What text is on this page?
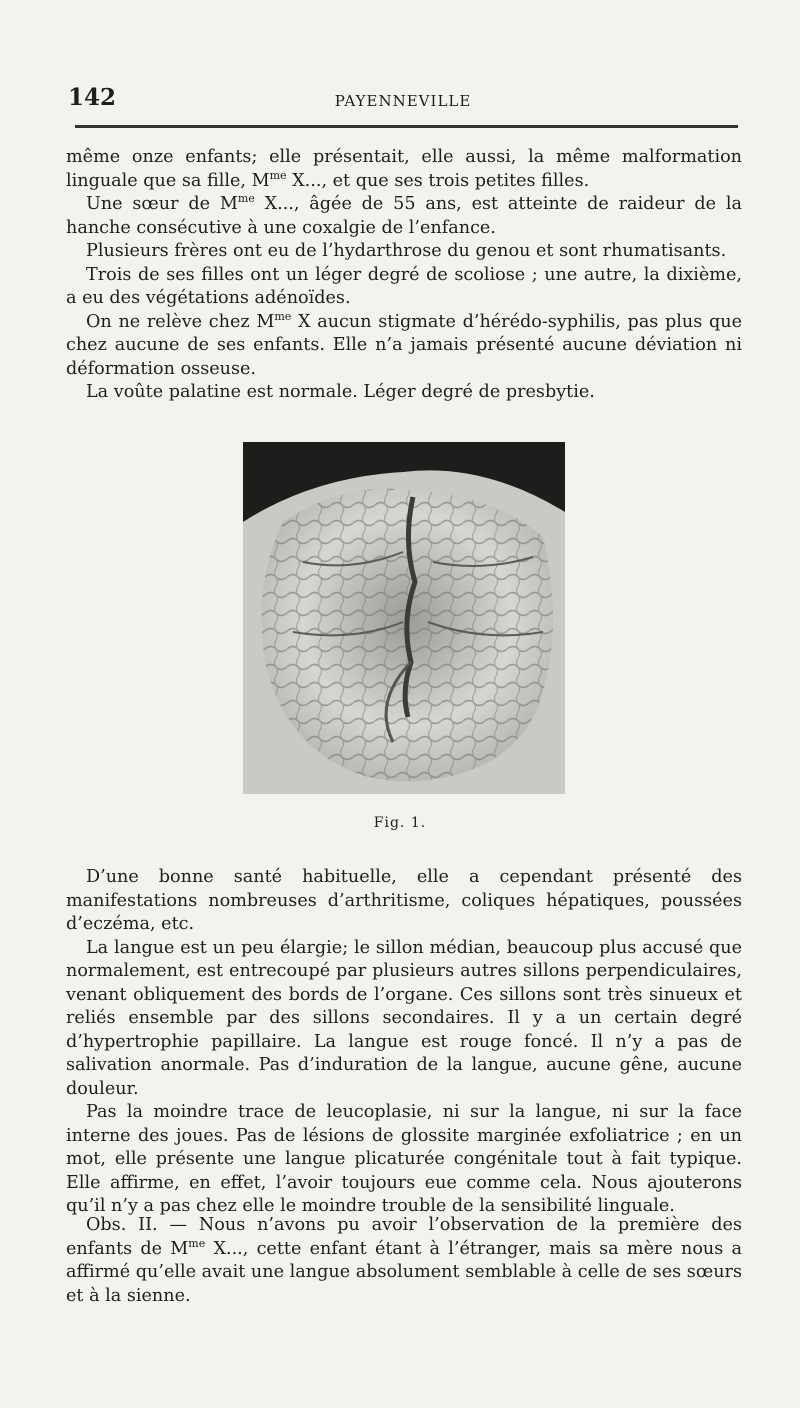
142	PAYENNEVILLE

même onze enfants; elle présentait, elle aussi, la même malformation linguale que sa fille, $M^{me}$ X..., et que ses trois petites filles.

Une sœur de $M^{me}$ X..., âgée de 55 ans, est atteinte de raideur de la hanche consécutive à une coxalgie de l’enfance.

Plusieurs frères ont eu de l’hydarthrose du genou et sont rhumatisants.

Trois de ses filles ont un léger degré de scoliose ; une autre, la dixième, a eu des végétations adénoïdes.

On ne relève chez $M^{me}$ X aucun stigmate d’hérédo-syphilis, pas plus que chez aucune de ses enfants. Elle n’a jamais présenté aucune déviation ni déformation osseuse.

La voûte palatine est normale. Léger degré de presbytie.

Fig. 1.

D’une bonne santé habituelle, elle a cependant présenté des manifestations nombreuses d’arthritisme, coliques hépatiques, poussées d’eczéma, etc.

La langue est un peu élargie; le sillon médian, beaucoup plus accusé que normalement, est entrecoupé par plusieurs autres sillons perpendiculaires, venant obliquement des bords de l’organe. Ces sillons sont très sinueux et reliés ensemble par des sillons secondaires. Il y a un certain degré d’hypertrophie papillaire. La langue est rouge foncé. Il n’y a pas de salivation anormale. Pas d’induration de la langue, aucune gêne, aucune douleur.

Pas la moindre trace de leucoplasie, ni sur la langue, ni sur la face interne des joues. Pas de lésions de glossite marginée exfoliatrice ; en un mot, elle présente une langue plicaturée congénitale tout à fait typique. Elle affirme, en effet, l’avoir toujours eue comme cela. Nous ajouterons qu’il n’y a pas chez elle le moindre trouble de la sensibilité linguale.

Obs. II. — Nous n’avons pu avoir l’observation de la première des enfants de $M^{me}$ X..., cette enfant étant à l’étranger, mais sa mère nous a affirmé qu’elle avait une langue absolument semblable à celle de ses sœurs et à la sienne.
